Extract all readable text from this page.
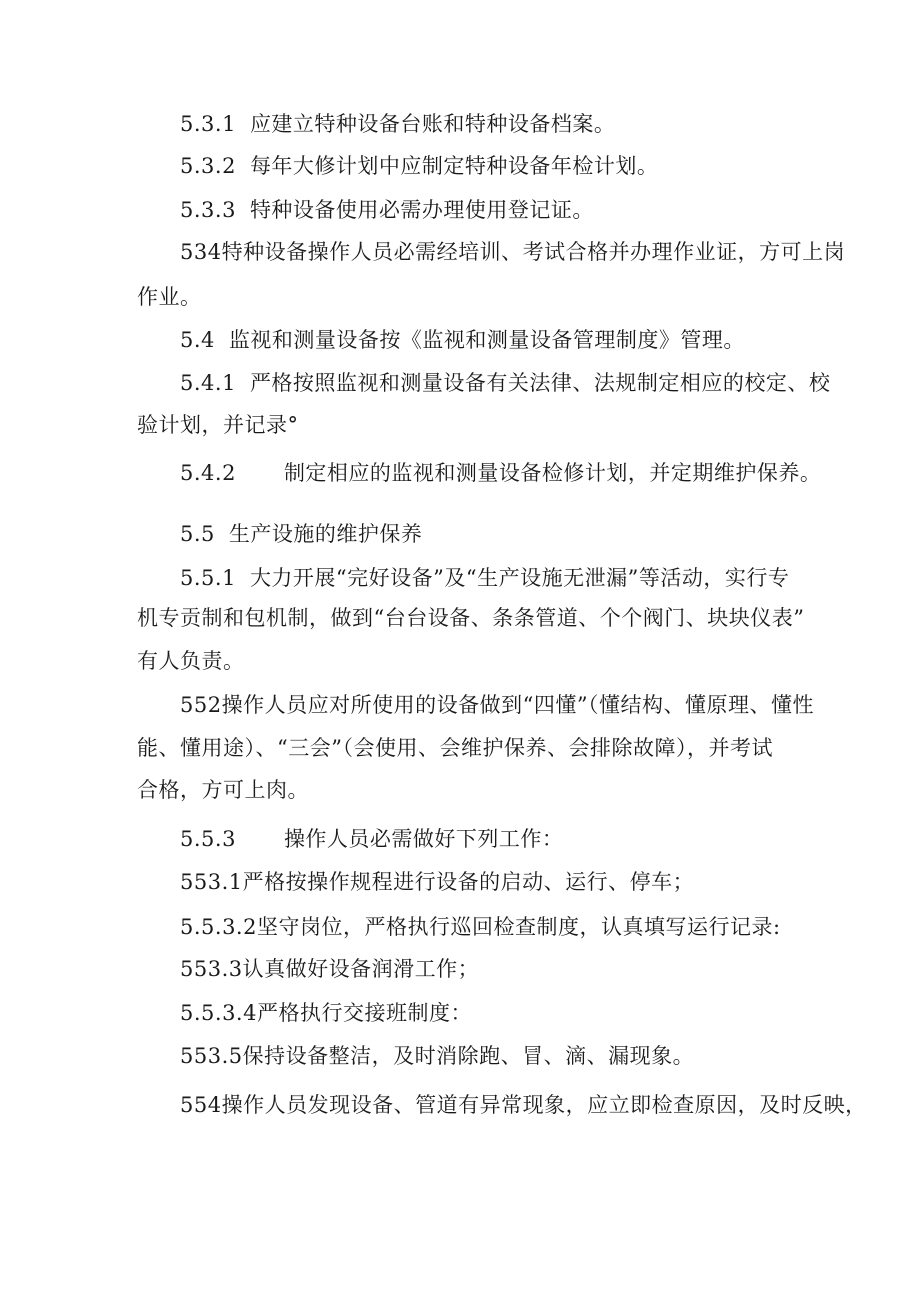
5.3.1 应建立特种设备台账和特种设备档案。
5.3.2 每年大修计划中应制定特种设备年检计划。
5.3.3 特种设备使用必需办理使用登记证。
534特种设备操作人员必需经培训、考试合格并办理作业证，方可上岗
作业。
5.4 监视和测量设备按《监视和测量设备管理制度》管理。
5.4.1 严格按照监视和测量设备有关法律、法规制定相应的校定、校
验计划，并记录°
5.4.2 制定相应的监视和测量设备检修计划，并定期维护保养。
5.5 生产设施的维护保养
5.5.1 大力开展“完好设备”及“生产设施无泄漏”等活动，实行专
机专贡制和包机制，做到“台台设备、条条管道、个个阀门、块块仪表”
有人负责。
552操作人员应对所使用的设备做到“四懂”（懂结构、懂原理、懂性
能、懂用途）、“三会”（会使用、会维护保养、会排除故障），并考试
合格，方可上肉。
5.5.3 操作人员必需做好下列工作：
553.1严格按操作规程进行设备的启动、运行、停车；
5.5.3.2坚守岗位，严格执行巡回检查制度，认真填写运行记录:
553.3认真做好设备润滑工作；
5.5.3.4严格执行交接班制度：
553.5保持设备整洁，及时消除跑、冒、滴、漏现象。
554操作人员发现设备、管道有异常现象，应立即检查原因，及时反映，
